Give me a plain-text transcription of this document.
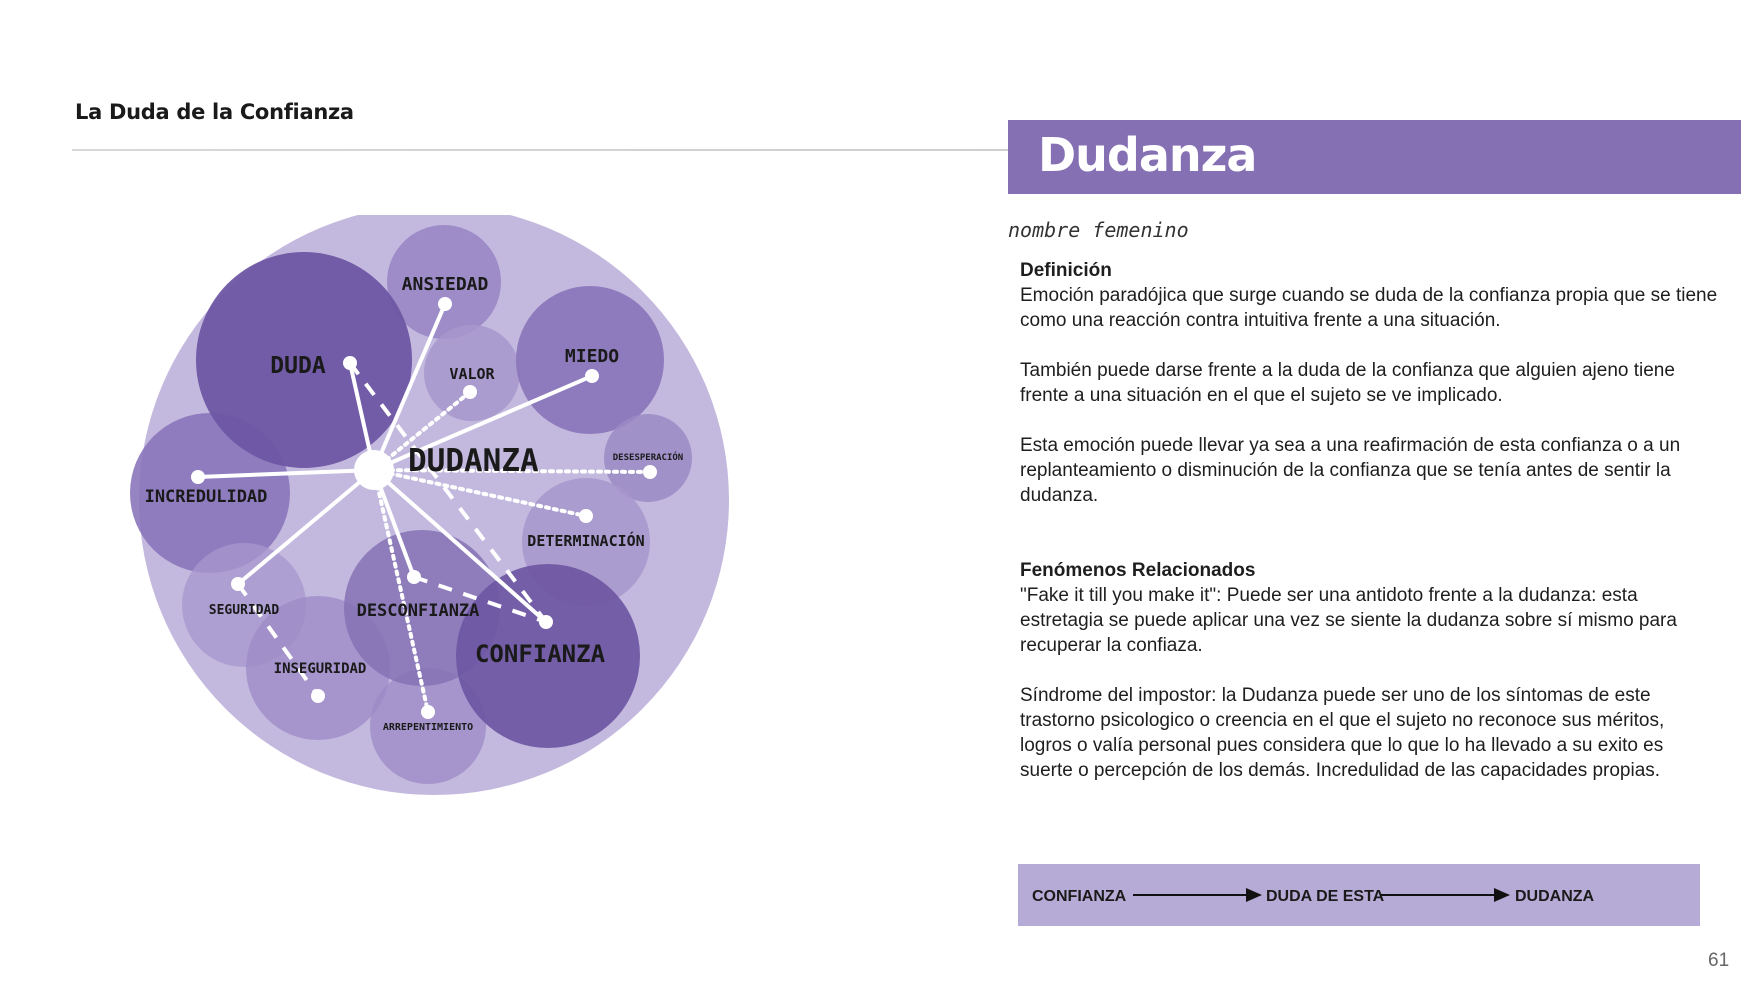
La Duda de la Confianza
DUDANZA
DUDA
ANSIEDAD
VALOR
MIEDO
DESESPERACIÓN
DETERMINACIÓN
INCREDULIDAD
SEGURIDAD	DESCONFIANZA
INSEGURIDAD
ARREPENTIMIENTO
CONFIANZA
Dudanza
nombre femenino

Definición

Emoción paradójica que surge cuando se duda de la confianza propia que se tiene como una reacción contra intuitiva frente a una situación.

También puede darse frente a la duda de la confianza que alguien ajeno tiene frente a una situación en el que el sujeto se ve implicado.

Esta emoción puede llevar ya sea a una reafirmación de esta confianza o a un replanteamiento o disminución de la confianza que se tenía antes de sentir la dudanza.

Fenómenos Relacionados

"Fake it till you make it": Puede ser una antidoto frente a la dudanza: esta estretagia se puede aplicar una vez se siente la dudanza sobre sí mismo para recuperar la confiaza.

Síndrome del impostor: la Dudanza puede ser uno de los síntomas de este trastorno psicologico o creencia en el que el sujeto no reconoce sus méritos, logros o valía personal pues considera que lo que lo ha llevado a su exito es suerte o percepción de los demás. Incredulidad de las capacidades propias.

CONFIANZA	DUDA DE ESTA	DUDANZA
61
